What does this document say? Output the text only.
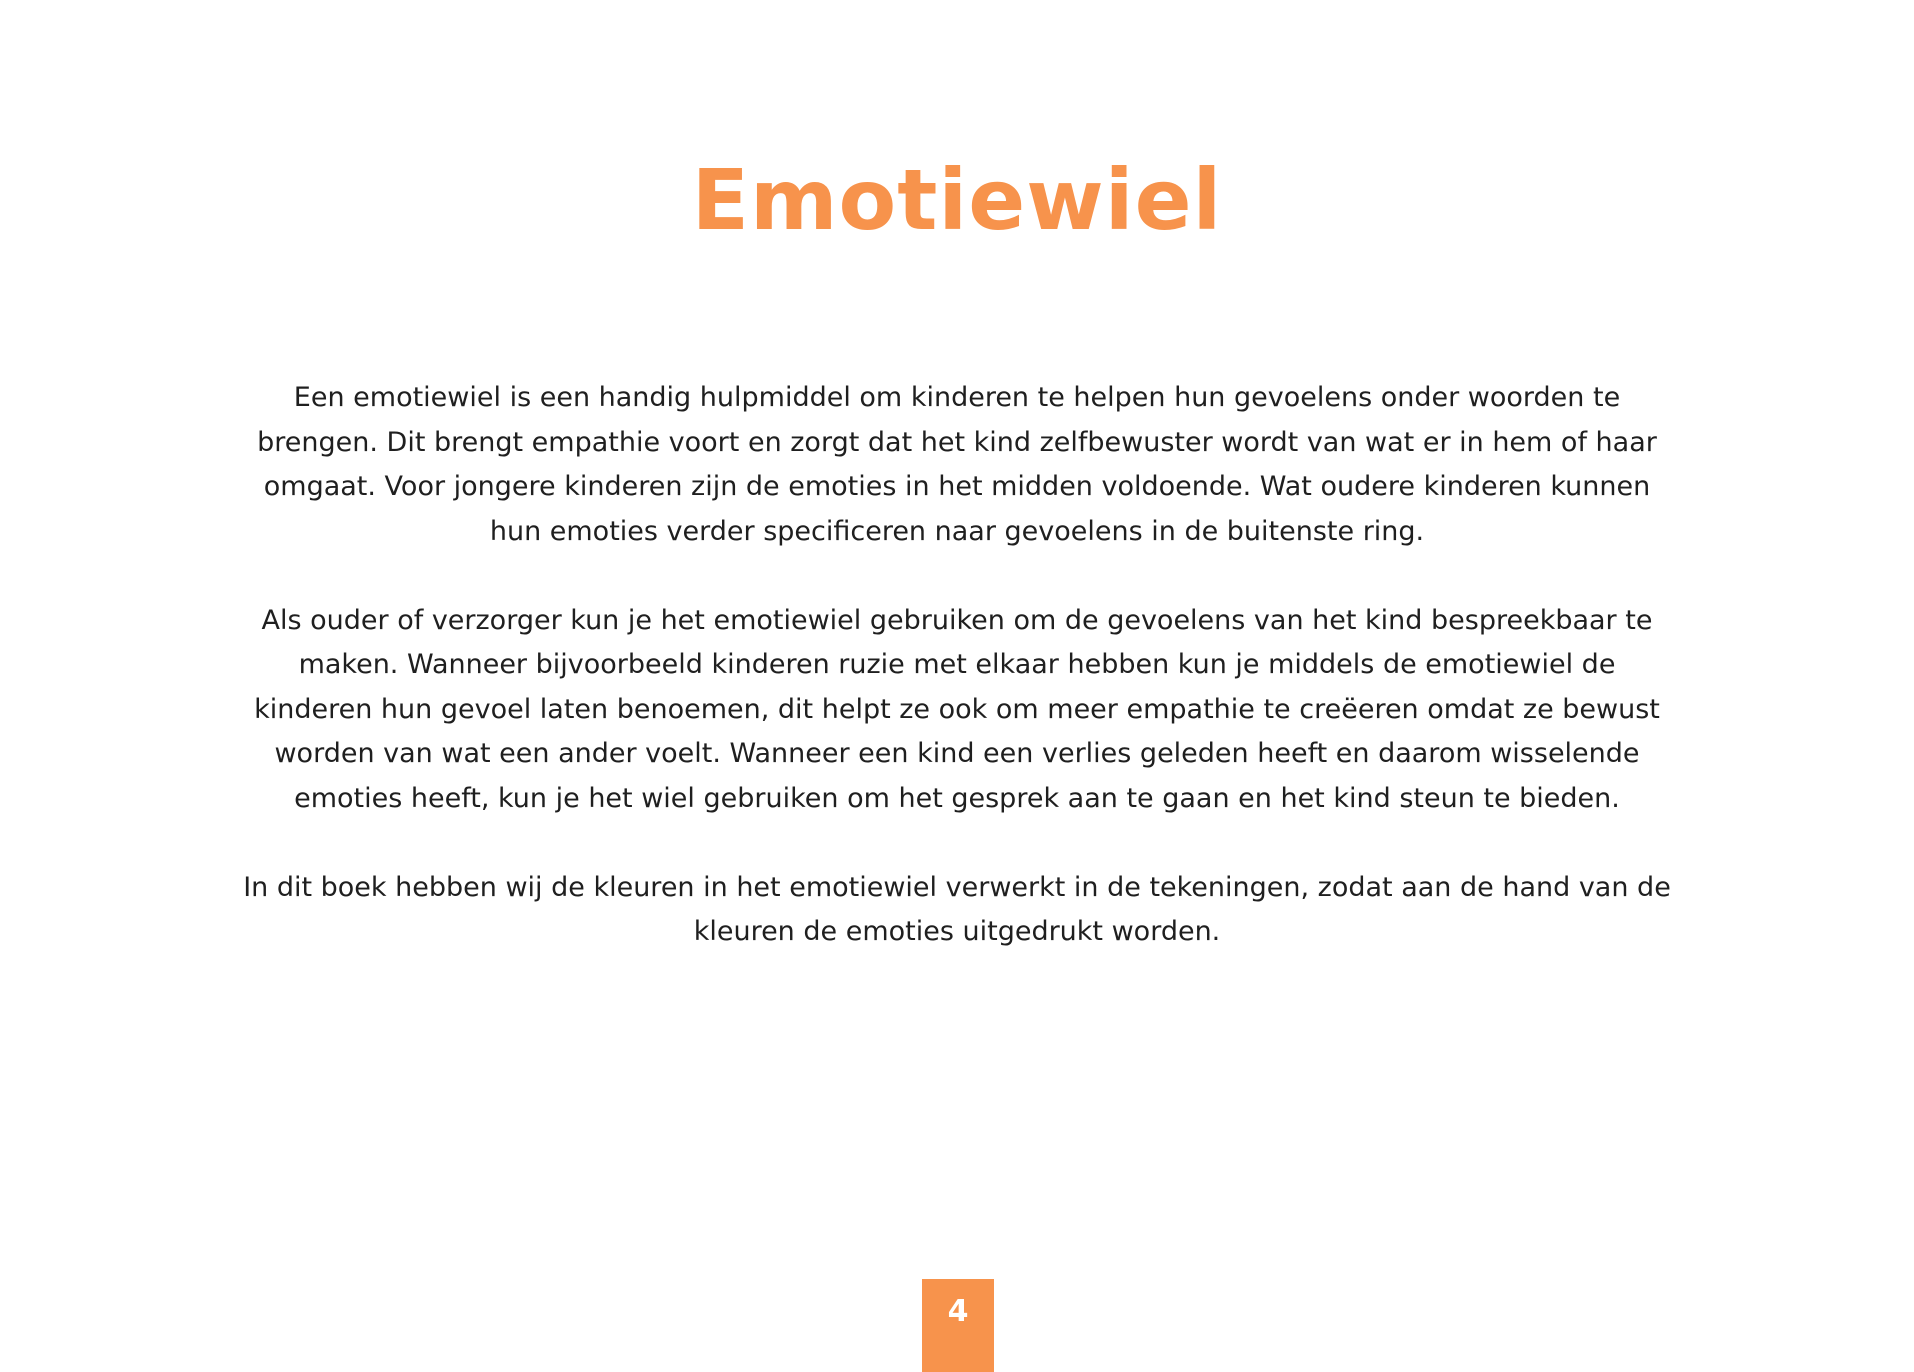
Emotiewiel

Een emotiewiel is een handig hulpmiddel om kinderen te helpen hun gevoelens onder woorden te brengen. Dit brengt empathie voort en zorgt dat het kind zelfbewuster wordt van wat er in hem of haar omgaat. Voor jongere kinderen zijn de emoties in het midden voldoende. Wat oudere kinderen kunnen hun emoties verder specificeren naar gevoelens in de buitenste ring.

Als ouder of verzorger kun je het emotiewiel gebruiken om de gevoelens van het kind bespreekbaar te maken. Wanneer bijvoorbeeld kinderen ruzie met elkaar hebben kun je middels de emotiewiel de kinderen hun gevoel laten benoemen, dit helpt ze ook om meer empathie te creëeren omdat ze bewust worden van wat een ander voelt. Wanneer een kind een verlies geleden heeft en daarom wisselende emoties heeft, kun je het wiel gebruiken om het gesprek aan te gaan en het kind steun te bieden.

In dit boek hebben wij de kleuren in het emotiewiel verwerkt in de tekeningen, zodat aan de hand van de kleuren de emoties uitgedrukt worden.

4
